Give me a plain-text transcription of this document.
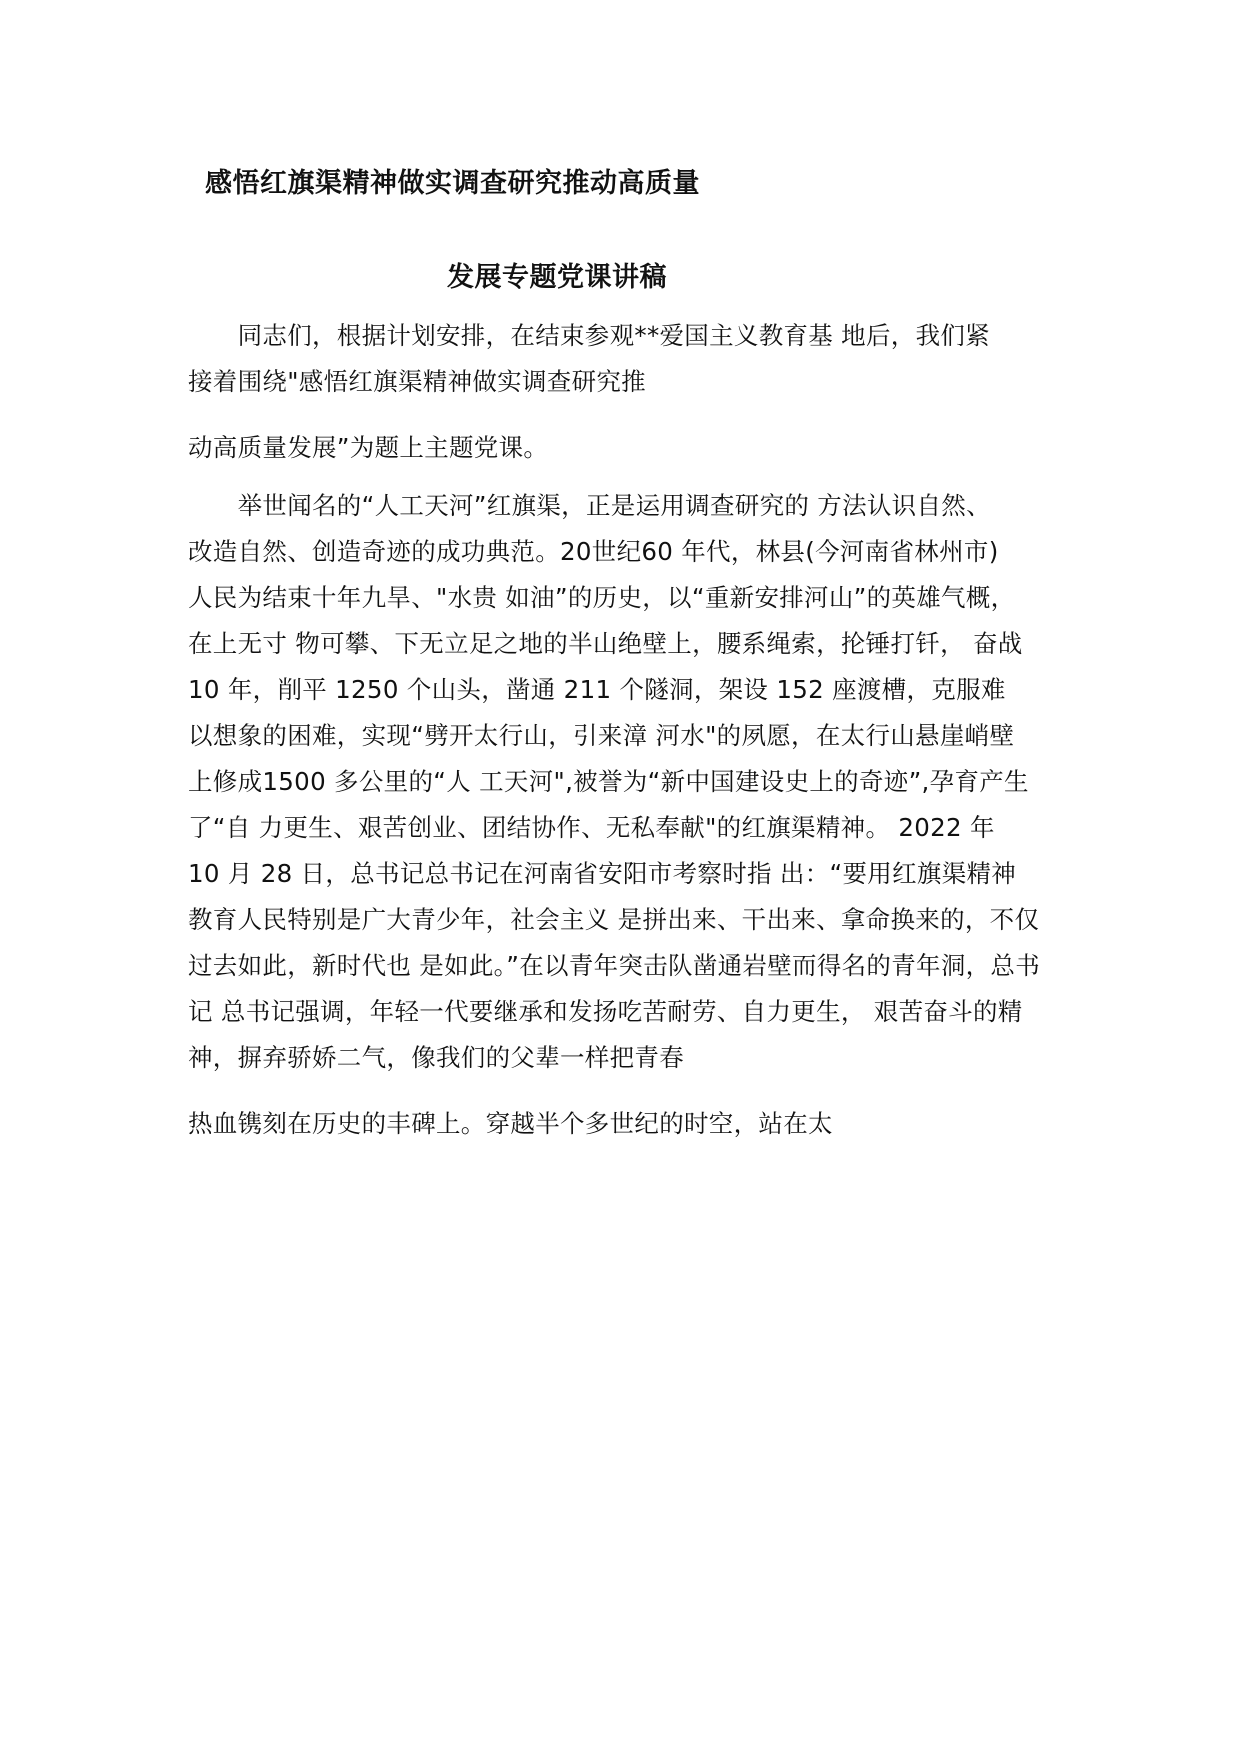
感悟红旗渠精神做实调查研究推动高质量
发展专题党课讲稿
　　同志们，根据计划安排，在结束参观**爱国主义教育基 地后，我们紧
接着围绕"感悟红旗渠精神做实调查研究推
动高质量发展”为题上主题党课。
　　举世闻名的“人工天河”红旗渠，正是运用调查研究的 方法认识自然、
改造自然、创造奇迹的成功典范。20世纪60 年代，林县(今河南省林州市)
人民为结束十年九旱、"水贵 如油”的历史，以“重新安排河山”的英雄气概，
在上无寸 物可攀、下无立足之地的半山绝壁上，腰系绳索，抡锤打钎， 奋战
10 年，削平 1250 个山头，凿通 211 个隧洞，架设 152 座渡槽，克服难
以想象的困难，实现“劈开太行山，引来漳 河水"的夙愿，在太行山悬崖峭壁
上修成1500 多公里的“人 工天河",被誉为“新中国建设史上的奇迹”,孕育产生
了“自 力更生、艰苦创业、团结协作、无私奉献"的红旗渠精神。 2022 年
10 月 28 日，总书记总书记在河南省安阳市考察时指 出：“要用红旗渠精神
教育人民特别是广大青少年，社会主义 是拼出来、干出来、拿命换来的，不仅
过去如此，新时代也 是如此。”在以青年突击队凿通岩壁而得名的青年洞，总书
记 总书记强调，年轻一代要继承和发扬吃苦耐劳、自力更生， 艰苦奋斗的精
神，摒弃骄娇二气，像我们的父辈一样把青春
热血镌刻在历史的丰碑上。穿越半个多世纪的时空，站在太
